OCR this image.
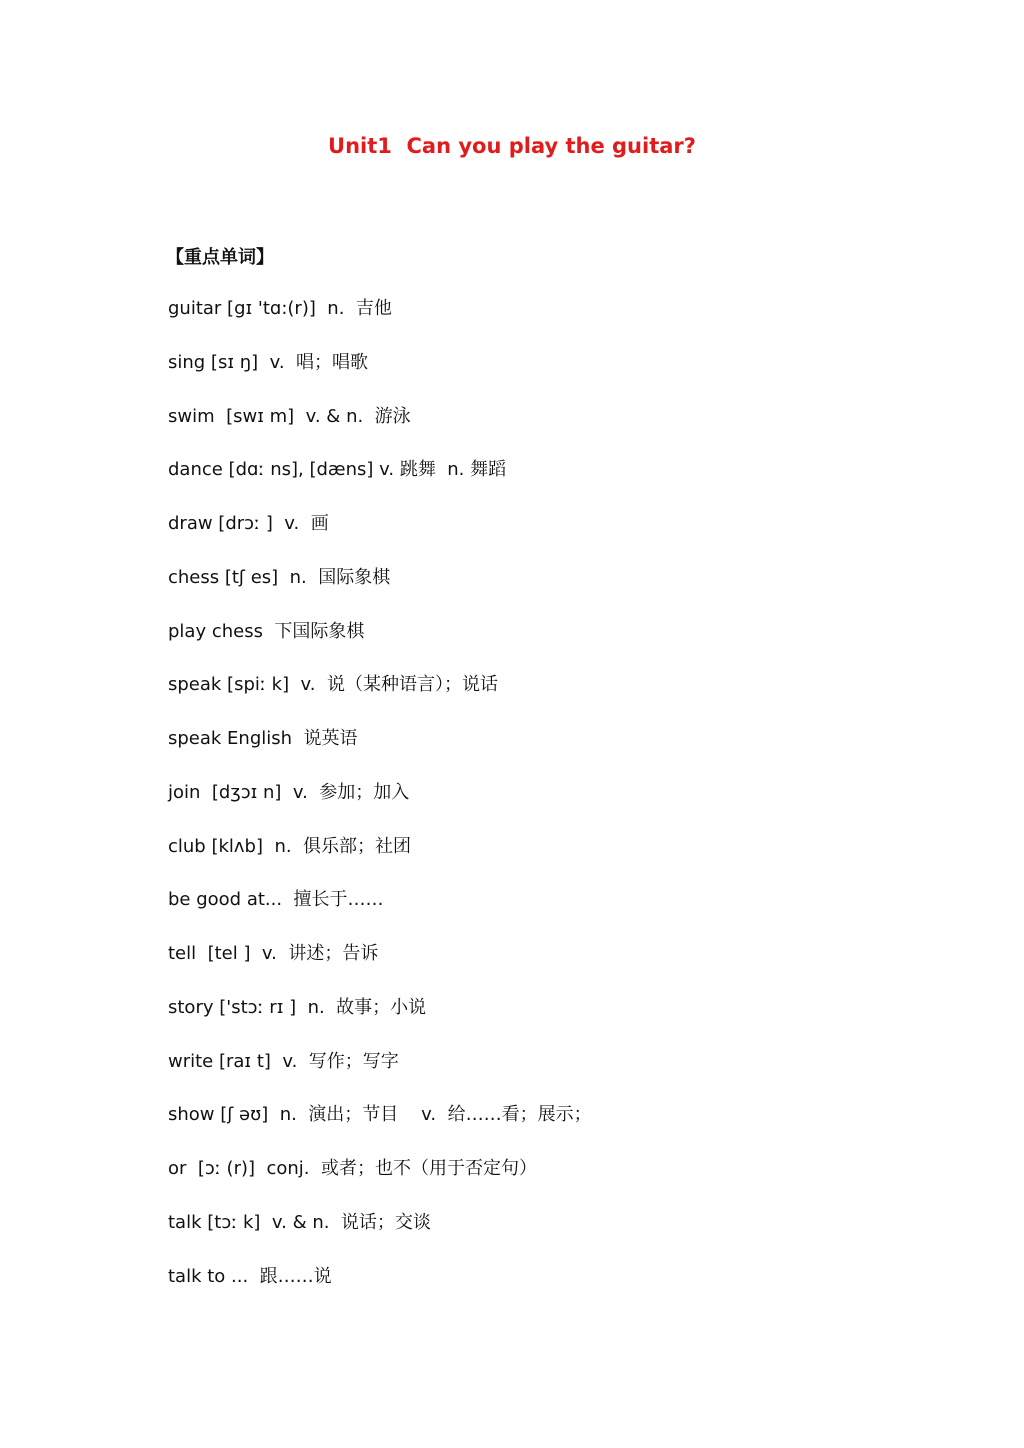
Unit1  Can you play the guitar?
【重点单词】
guitar [gɪ 'tɑ:(r)]  n.  吉他
sing [sɪ ŋ]  v.  唱；唱歌
swim  [swɪ m]  v. & n.  游泳
dance [dɑː ns], [dæns] v. 跳舞  n. 舞蹈
draw [drɔː ]  v.  画
chess [tʃ es]  n.  国际象棋
play chess  下国际象棋
speak [spiː k]  v.  说（某种语言）；说话
speak English  说英语
join  [dʒɔɪ n]  v.  参加；加入
club [klʌb]  n.  俱乐部；社团
be good at...  擅长于……
tell  [tel ]  v.  讲述；告诉
story ['stɔː rɪ ]  n.  故事；小说
write [raɪ t]  v.  写作；写字
show [ʃ əʊ]  n.  演出；节目    v.  给……看；展示；
or  [ɔː (r)]  conj.  或者；也不（用于否定句）
talk [tɔː k]  v. & n.  说话；交谈
talk to ...  跟……说
